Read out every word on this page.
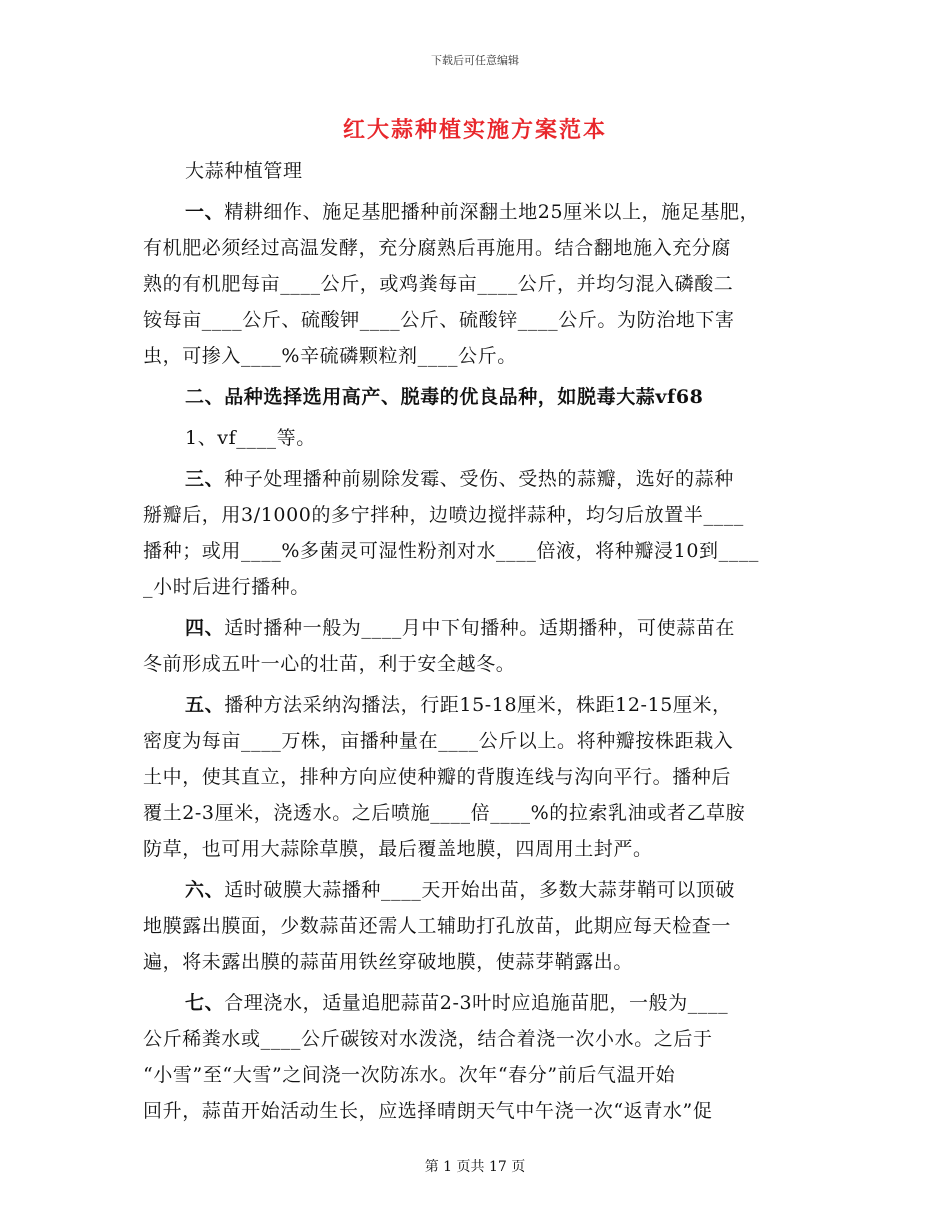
下载后可任意编辑
红大蒜种植实施方案范本
大蒜种植管理
一、精耕细作、施足基肥播种前深翻土地25厘米以上，施足基肥，
有机肥必须经过高温发酵，充分腐熟后再施用。结合翻地施入充分腐
熟的有机肥每亩____公斤，或鸡粪每亩____公斤，并均匀混入磷酸二
铵每亩____公斤、硫酸钾____公斤、硫酸锌____公斤。为防治地下害
虫，可掺入____%辛硫磷颗粒剂____公斤。
二、品种选择选用高产、脱毒的优良品种，如脱毒大蒜vf68
1、vf____等。
三、种子处理播种前剔除发霉、受伤、受热的蒜瓣，选好的蒜种
掰瓣后，用3/1000的多宁拌种，边喷边搅拌蒜种，均匀后放置半____
播种；或用____%多菌灵可湿性粉剂对水____倍液，将种瓣浸10到____
_小时后进行播种。
四、适时播种一般为____月中下旬播种。适期播种，可使蒜苗在
冬前形成五叶一心的壮苗，利于安全越冬。
五、播种方法采纳沟播法，行距15-18厘米，株距12-15厘米，
密度为每亩____万株，亩播种量在____公斤以上。将种瓣按株距栽入
土中，使其直立，排种方向应使种瓣的背腹连线与沟向平行。播种后
覆土2-3厘米，浇透水。之后喷施____倍____%的拉索乳油或者乙草胺
防草，也可用大蒜除草膜，最后覆盖地膜，四周用土封严。
六、适时破膜大蒜播种____天开始出苗，多数大蒜芽鞘可以顶破
地膜露出膜面，少数蒜苗还需人工辅助打孔放苗，此期应每天检查一
遍，将未露出膜的蒜苗用铁丝穿破地膜，使蒜芽鞘露出。
七、合理浇水，适量追肥蒜苗2-3叶时应追施苗肥，一般为____
公斤稀粪水或____公斤碳铵对水泼浇，结合着浇一次小水。之后于
“小雪”至“大雪”之间浇一次防冻水。次年“春分”前后气温开始
回升，蒜苗开始活动生长，应选择晴朗天气中午浇一次“返青水”促
第 1 页共 17 页
